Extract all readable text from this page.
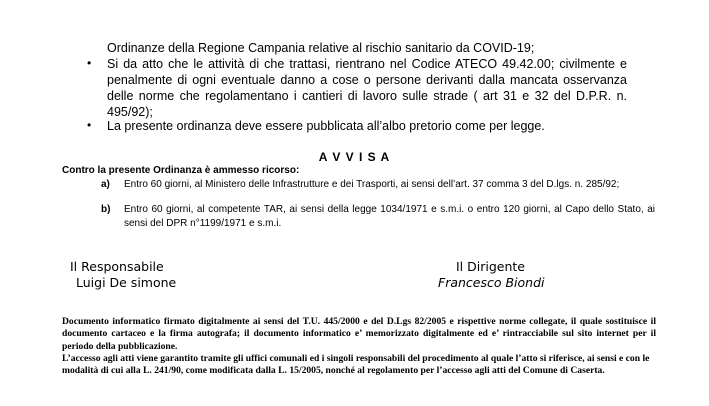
Ordinanze della Regione Campania relative al rischio sanitario da COVID-19;
• Si da atto che le attività di che trattasi, rientrano nel Codice ATECO 49.42.00; civilmente e penalmente di ogni eventuale danno a cose o persone derivanti dalla mancata osservanza delle norme che regolamentano i cantieri di lavoro sulle strade ( art 31 e 32 del D.P.R. n. 495/92);
• La presente ordinanza deve essere pubblicata all’albo pretorio come per legge.
A V V I S A
Contro la presente Ordinanza è ammesso ricorso:
a) Entro 60 giorni, al Ministero delle Infrastrutture e dei Trasporti, ai sensi dell’art. 37 comma 3 del D.lgs. n. 285/92;
b) Entro 60 giorni, al competente TAR, ai sensi della legge 1034/1971 e s.m.i. o entro 120 giorni, al Capo dello Stato, ai sensi del DPR n°1199/1971 e s.m.i.
Il Responsabile
Luigi De simone
Il Dirigente
Francesco Biondi
Documento informatico firmato digitalmente ai sensi del T.U. 445/2000 e del D.Lgs 82/2005 e rispettive norme collegate, il quale sostituisce il documento cartaceo e la firma autografa; il documento informatico e’ memorizzato digitalmente ed e’ rintracciabile sul sito internet per il periodo della pubblicazione.
L’accesso agli atti viene garantito tramite gli uffici comunali ed i singoli responsabili del procedimento al quale l’atto si riferisce, ai sensi e con le modalità di cui alla L. 241/90, come modificata dalla L. 15/2005, nonché al regolamento per l’accesso agli atti del Comune di Caserta.
